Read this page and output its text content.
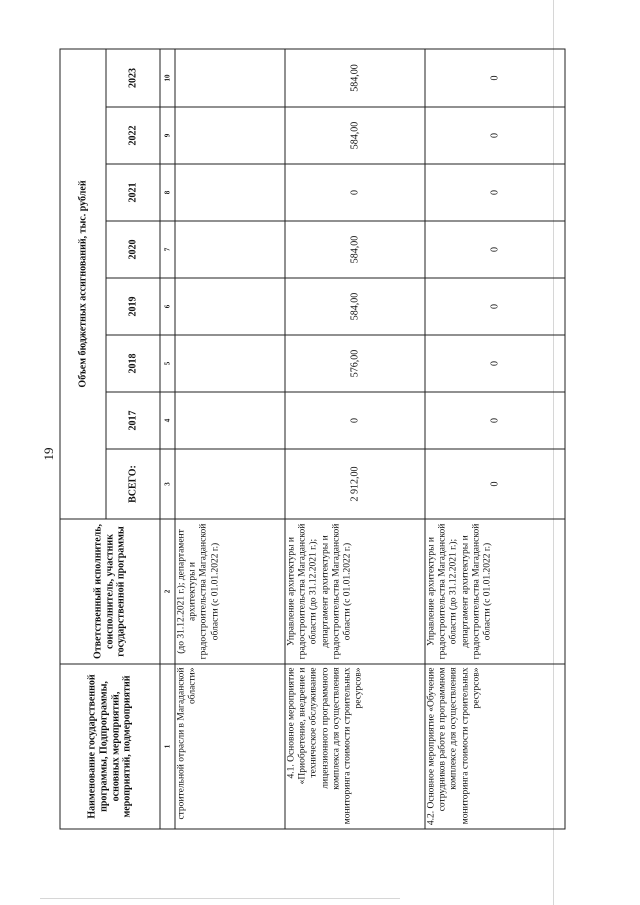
19
Наименование государственной программы, Подпрограммы, основных мероприятий, мероприятий, подмероприятий	Ответственный исполнитель, соисполнитель, участник государственной программы	Объем бюджетных ассигнований, тыс. рублей							
		ВСЕГО:	2017	2018	2019	2020	2021	2022	2023
1	2	3	4	5	6	7	8	9	10
строительной отрасли в Магаданской области»	(до 31.12.2021 г.); департамент архитектуры и градостроительства Магаданской области (с 01.01.2022 г.)								
4.1. Основное мероприятие «Приобретение, внедрение и техническое обслуживание лицензионного программного комплекса для осуществления мониторинга стоимости строительных ресурсов»	Управление архитектуры и градостроительства Магаданской области (до 31.12.2021 г.); департамент архитектуры и градостроительства Магаданской области (с 01.01.2022 г.)	2 912,00	0	576,00	584,00	584,00	0	584,00	584,00
4.2. Основное мероприятие «Обучение сотрудников работе в программном комплексе для осуществления мониторинга стоимости строительных ресурсов»	Управление архитектуры и градостроительства Магаданской области (до 31.12.2021 г.); департамент архитектуры и градостроительства Магаданской области (с 01.01.2022 г.)	0	0	0	0	0	0	0	0
